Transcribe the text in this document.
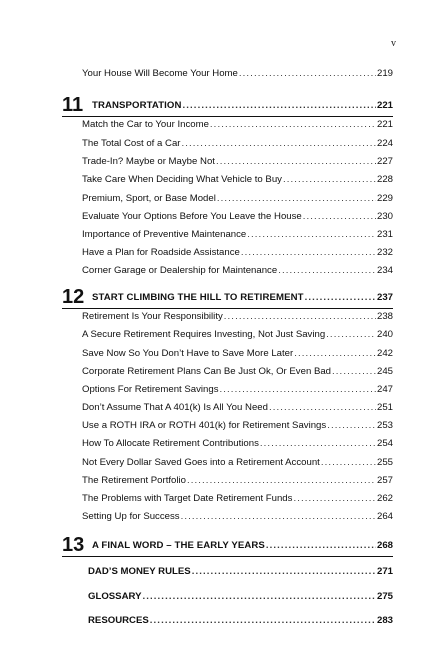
v
Your House Will Become Your Home .....	219
11 TRANSPORTATION .....	221
Match the Car to Your Income .....	221
The Total Cost of a Car .....	224
Trade-In? Maybe or Maybe Not .....	227
Take Care When Deciding What Vehicle to Buy .....	228
Premium, Sport, or Base Model .....	229
Evaluate Your Options Before You Leave the House .....	230
Importance of Preventive Maintenance .....	231
Have a Plan for Roadside Assistance .....	232
Corner Garage or Dealership for Maintenance .....	234
12 START CLIMBING THE HILL TO RETIREMENT .....	237
Retirement Is Your Responsibility .....	238
A Secure Retirement Requires Investing, Not Just Saving .....	240
Save Now So You Don’t Have to Save More Later .....	242
Corporate Retirement Plans Can Be Just Ok, Or Even Bad .....	245
Options For Retirement Savings .....	247
Don’t Assume That A 401(k) Is All You Need .....	251
Use a ROTH IRA or ROTH 401(k) for Retirement Savings .....	253
How To Allocate Retirement Contributions .....	254
Not Every Dollar Saved Goes into a Retirement Account .....	255
The Retirement Portfolio .....	257
The Problems with Target Date Retirement Funds .....	262
Setting Up for Success .....	264
13 A FINAL WORD – THE EARLY YEARS .....	268
DAD’S MONEY RULES .....	271
GLOSSARY .....	275
RESOURCES .....	283
